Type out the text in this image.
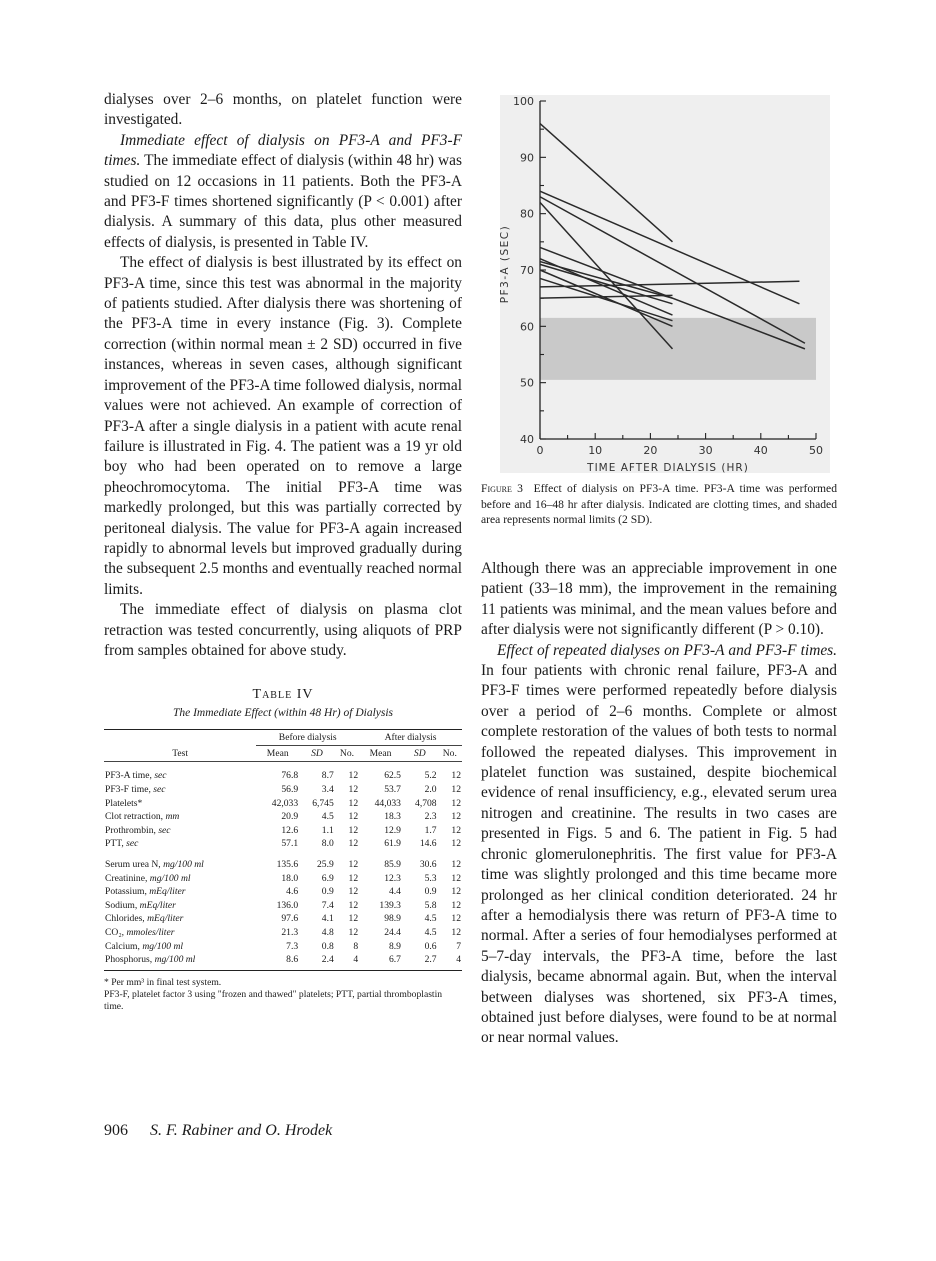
dialyses over 2–6 months, on platelet function were investigated.

Immediate effect of dialysis on PF3-A and PF3-F times. The immediate effect of dialysis (within 48 hr) was studied on 12 occasions in 11 patients. Both the PF3-A and PF3-F times shortened significantly (P < 0.001) after dialysis. A summary of this data, plus other measured effects of dialysis, is presented in Table IV.

The effect of dialysis is best illustrated by its effect on PF3-A time, since this test was abnormal in the majority of patients studied. After dialysis there was shortening of the PF3-A time in every instance (Fig. 3). Complete correction (within normal mean ± 2 SD) occurred in five instances, whereas in seven cases, although significant improvement of the PF3-A time followed dialysis, normal values were not achieved. An example of correction of PF3-A after a single dialysis in a patient with acute renal failure is illustrated in Fig. 4. The patient was a 19 yr old boy who had been operated on to remove a large pheochromocytoma. The initial PF3-A time was markedly prolonged, but this was partially corrected by peritoneal dialysis. The value for PF3-A again increased rapidly to abnormal levels but improved gradually during the subsequent 2.5 months and eventually reached normal limits.

The immediate effect of dialysis on plasma clot retraction was tested concurrently, using aliquots of PRP from samples obtained for above study.

Table IV
The Immediate Effect (within 48 Hr) of Dialysis
	Before dialysis			After dialysis		
Test	Mean	SD	No.	Mean	SD	No.
PF3-A time, sec	76.8	8.7	12	62.5	5.2	12
PF3-F time, sec	56.9	3.4	12	53.7	2.0	12
Platelets*	42,033	6,745	12	44,033	4,708	12
Clot retraction, mm	20.9	4.5	12	18.3	2.3	12
Prothrombin, sec	12.6	1.1	12	12.9	1.7	12
PTT, sec	57.1	8.0	12	61.9	14.6	12
Serum urea N, mg/100 ml	135.6	25.9	12	85.9	30.6	12
Creatinine, mg/100 ml	18.0	6.9	12	12.3	5.3	12
Potassium, mEq/liter	4.6	0.9	12	4.4	0.9	12
Sodium, mEq/liter	136.0	7.4	12	139.3	5.8	12
Chlorides, mEq/liter	97.6	4.1	12	98.9	4.5	12
CO₂, mmoles/liter	21.3	4.8	12	24.4	4.5	12
Calcium, mg/100 ml	7.3	0.8	8	8.9	0.6	7
Phosphorus, mg/100 ml	8.6	2.4	4	6.7	2.7	4
* Per mm³ in final test system.
PF3-F, platelet factor 3 using "frozen and thawed" platelets; PTT, partial thromboplastin time.
906 S. F. Rabiner and O. Hrodek
40
50
60
70
80
90
100
0	10	20	30	40	50
TIME AFTER DIALYSIS (HR)
PF3-A (SEC)
Figure 3 Effect of dialysis on PF3-A time. PF3-A time was performed before and 16–48 hr after dialysis. Indicated are clotting times, and shaded area represents normal limits (2 SD).

Although there was an appreciable improvement in one patient (33–18 mm), the improvement in the remaining 11 patients was minimal, and the mean values before and after dialysis were not significantly different (P > 0.10).

Effect of repeated dialyses on PF3-A and PF3-F times. In four patients with chronic renal failure, PF3-A and PF3-F times were performed repeatedly before dialysis over a period of 2–6 months. Complete or almost complete restoration of the values of both tests to normal followed the repeated dialyses. This improvement in platelet function was sustained, despite biochemical evidence of renal insufficiency, e.g., elevated serum urea nitrogen and creatinine. The results in two cases are presented in Figs. 5 and 6. The patient in Fig. 5 had chronic glomerulonephritis. The first value for PF3-A time was slightly prolonged and this time became more prolonged as her clinical condition deteriorated. 24 hr after a hemodialysis there was return of PF3-A time to normal. After a series of four hemodialyses performed at 5–7-day intervals, the PF3-A time, before the last dialysis, became abnormal again. But, when the interval between dialyses was shortened, six PF3-A times, obtained just before dialyses, were found to be at normal or near normal values.
